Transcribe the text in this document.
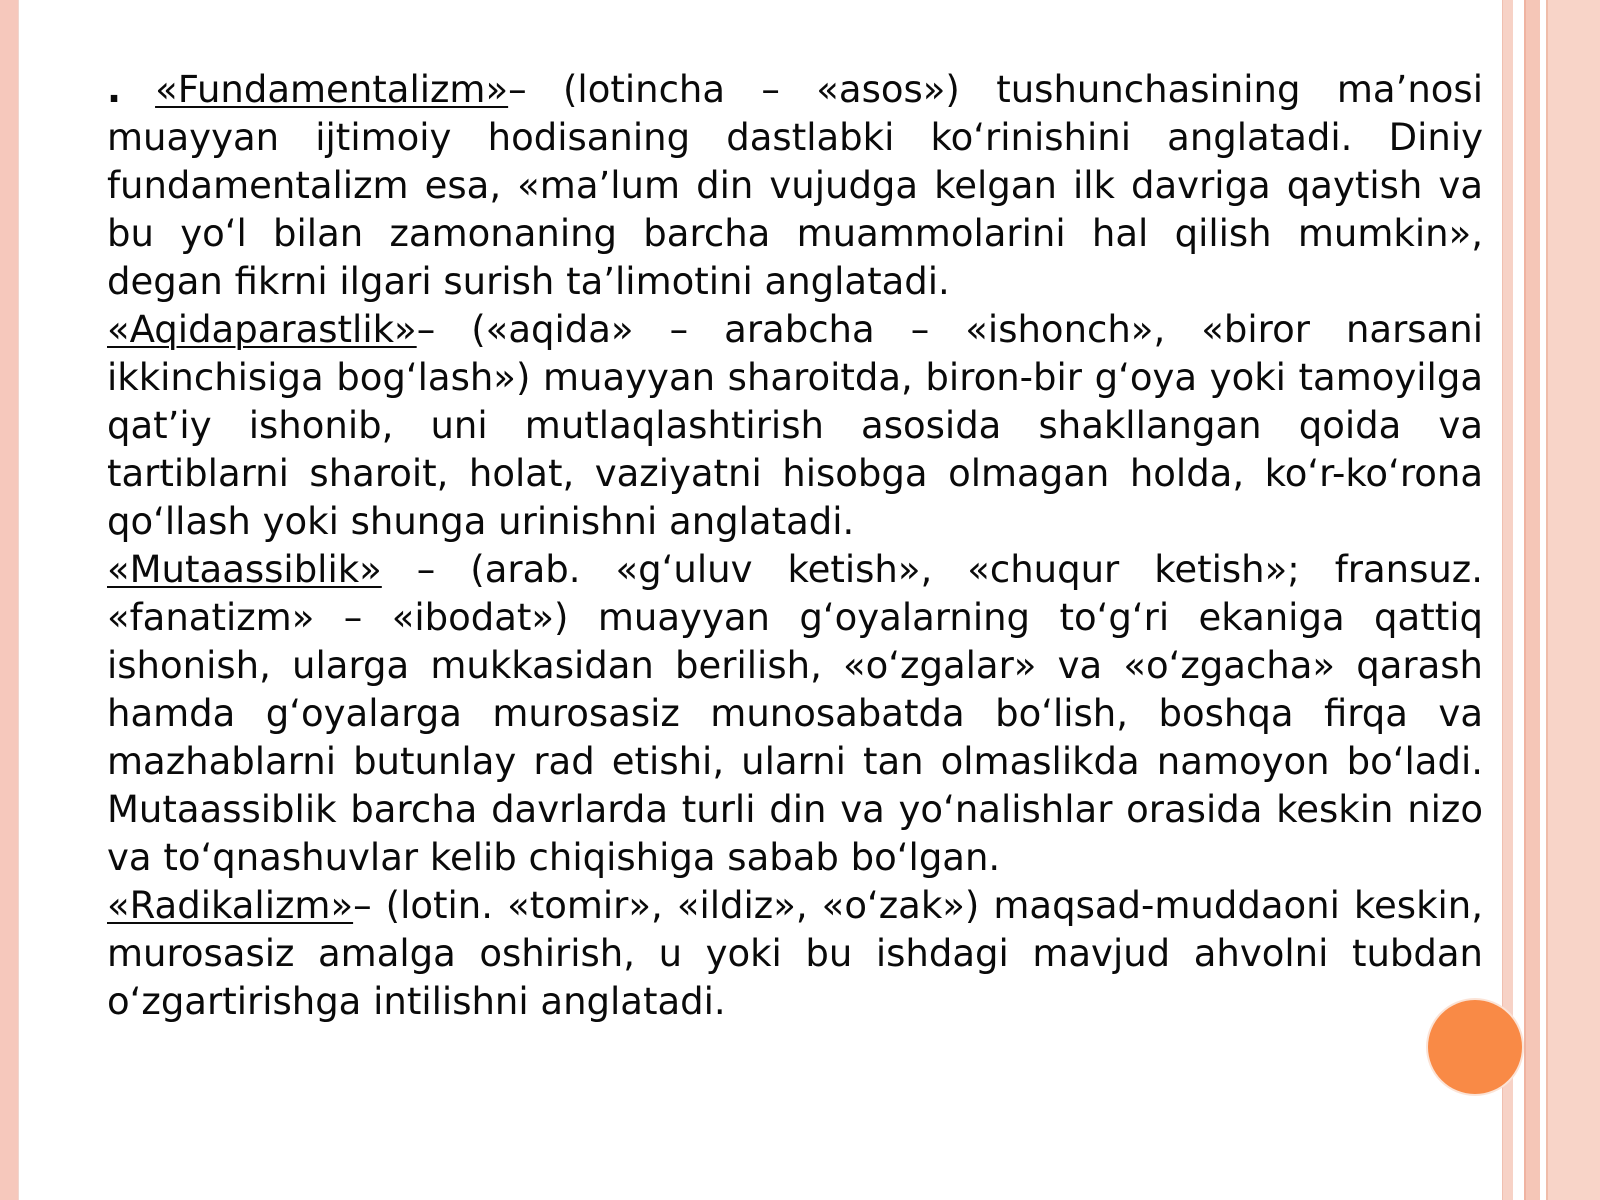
. «Fundamentalizm»– (lotincha – «asos») tushunchasining ma’nosi muayyan ijtimoiy hodisaning dastlabki ko‘rinishini anglatadi. Diniy fundamentalizm esa, «ma’lum din vujudga kelgan ilk davriga qaytish va bu yo‘l bilan zamonaning barcha muammolarini hal qilish mumkin», degan fikrni ilgari surish ta’limotini anglatadi.

«Aqidaparastlik»– («aqida» – arabcha – «ishonch», «biror narsani ikkinchisiga bog‘lash») muayyan sharoitda, biron-bir g‘oya yoki tamoyilga qat’iy ishonib, uni mutlaqlashtirish asosida shakllangan qoida va tartiblarni sharoit, holat, vaziyatni hisobga olmagan holda, ko‘r-ko‘rona qo‘llash yoki shunga urinishni anglatadi.

«Mutaassiblik» – (arab. «g‘uluv ketish», «chuqur ketish»; fransuz. «fanatizm» – «ibodat») muayyan g‘oyalarning to‘g‘ri ekaniga qattiq ishonish, ularga mukkasidan berilish, «o‘zgalar» va «o‘zgacha» qarash hamda g‘oyalarga murosasiz munosabatda bo‘lish, boshqa firqa va mazhablarni butunlay rad etishi, ularni tan olmaslikda namoyon bo‘ladi. Mutaassiblik barcha davrlarda turli din va yo‘nalishlar orasida keskin nizo va to‘qnashuvlar kelib chiqishiga sabab bo‘lgan.

«Radikalizm»– (lotin. «tomir», «ildiz», «o‘zak») maqsad-muddaoni keskin, murosasiz amalga oshirish, u yoki bu ishdagi mavjud ahvolni tubdan o‘zgartirishga intilishni anglatadi.
